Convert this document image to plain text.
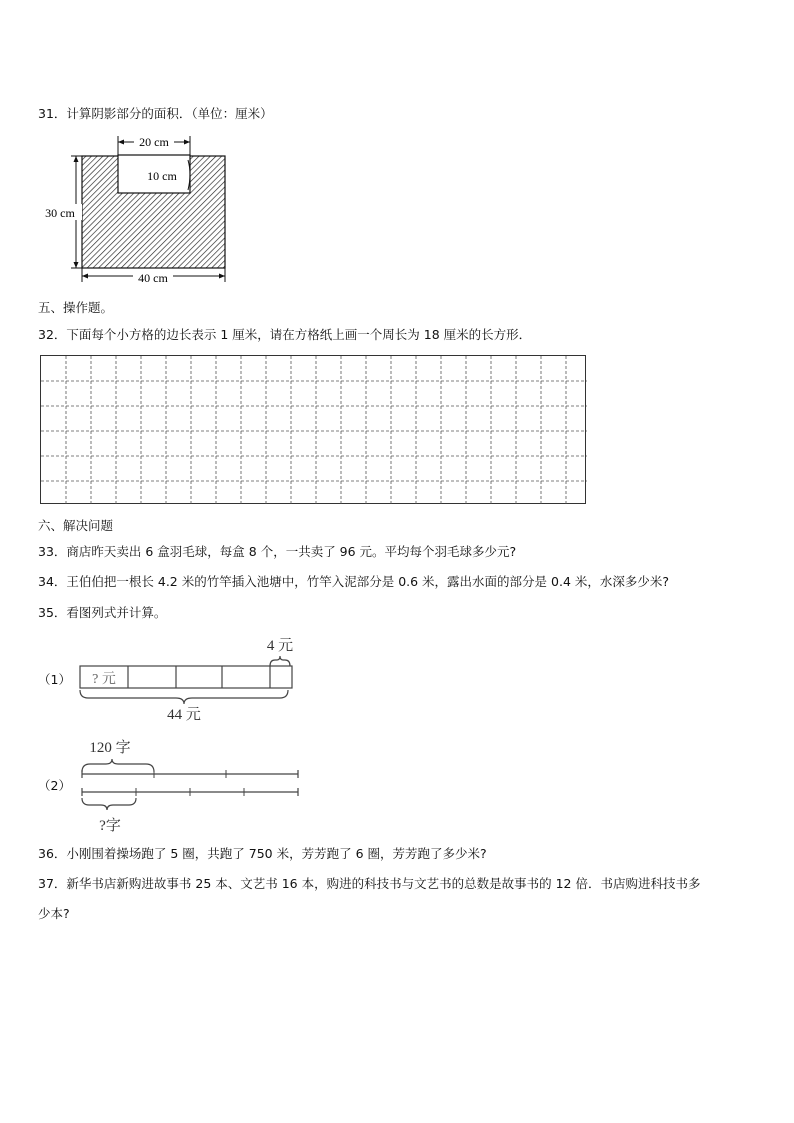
31．计算阴影部分的面积．（单位：厘米）
20 cm
10 cm
30 cm
40 cm
五、操作题。
32．下面每个小方格的边长表示 1 厘米，请在方格纸上画一个周长为 18 厘米的长方形．
六、解决问题
33．商店昨天卖出 6 盒羽毛球，每盒 8 个，一共卖了 96 元。平均每个羽毛球多少元?
34．王伯伯把一根长 4.2 米的竹竿插入池塘中，竹竿入泥部分是 0.6 米，露出水面的部分是 0.4 米，水深多少米?
35．看图列式并计算。
（1）
4 元
? 元
44 元
（2）
120 字
?字
36．小刚围着操场跑了 5 圈，共跑了 750 米，芳芳跑了 6 圈，芳芳跑了多少米?
37．新华书店新购进故事书 25 本、文艺书 16 本，购进的科技书与文艺书的总数是故事书的 12 倍．书店购进科技书多
少本?
